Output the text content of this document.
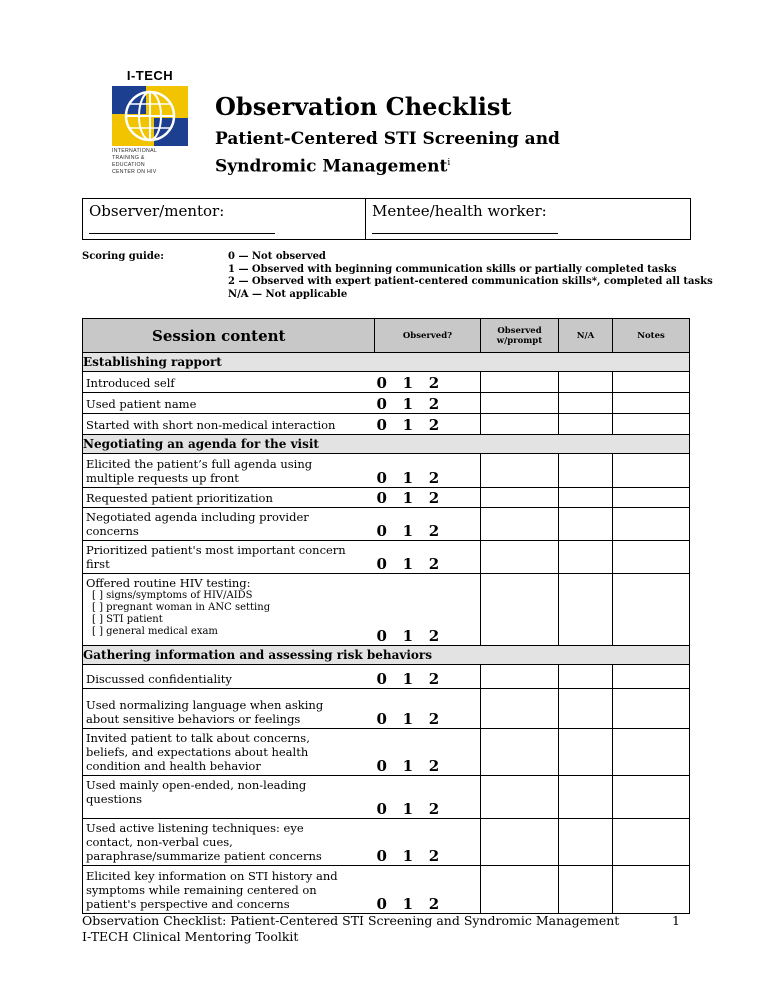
I-TECH
INTERNATIONAL
TRAINING &
EDUCATION
CENTER ON HIV
Observation Checklist
Patient-Centered STI Screening and Syndromic Management$^i$
Observer/mentor:	Mentee/health worker:
Scoring guide:	0 — Not observed
1 — Observed with beginning communication skills or partially completed tasks
2 — Observed with expert patient-centered communication skills*, completed all tasks
N/A — Not applicable
Session content		Observed?	Observed w/prompt	N/A	Notes
Establishing rapport					
Introduced self		0   1   2			
Used patient name		0   1   2			
Started with short non-medical interaction		0   1   2			
Negotiating an agenda for the visit					
Elicited the patient’s full agenda using multiple requests up front		0   1   2			
Requested patient prioritization		0   1   2			
Negotiated agenda including provider concerns		0   1   2			
Prioritized patient's most important concern first		0   1   2			

Offered routine HIV testing:
[ ] signs/symptoms of HIV/AIDS
[ ] pregnant woman in ANC setting
[ ] STI patient
[ ] general medical exam		0   1   2			
Gathering information and assessing risk behaviors					
Discussed confidentiality		0   1   2			
Used normalizing language when asking about sensitive behaviors or feelings		0   1   2			
Invited patient to talk about concerns, beliefs, and expectations about health condition and health behavior		0   1   2			
Used mainly open-ended, non-leading questions		0   1   2			
Used active listening techniques: eye contact, non-verbal cues, paraphrase/summarize patient concerns		0   1   2			
Elicited key information on STI history and symptoms while remaining centered on patient's perspective and concerns		0   1   2			
Observation Checklist: Patient-Centered STI Screening and Syndromic Management
I-TECH Clinical Mentoring Toolkit
1
